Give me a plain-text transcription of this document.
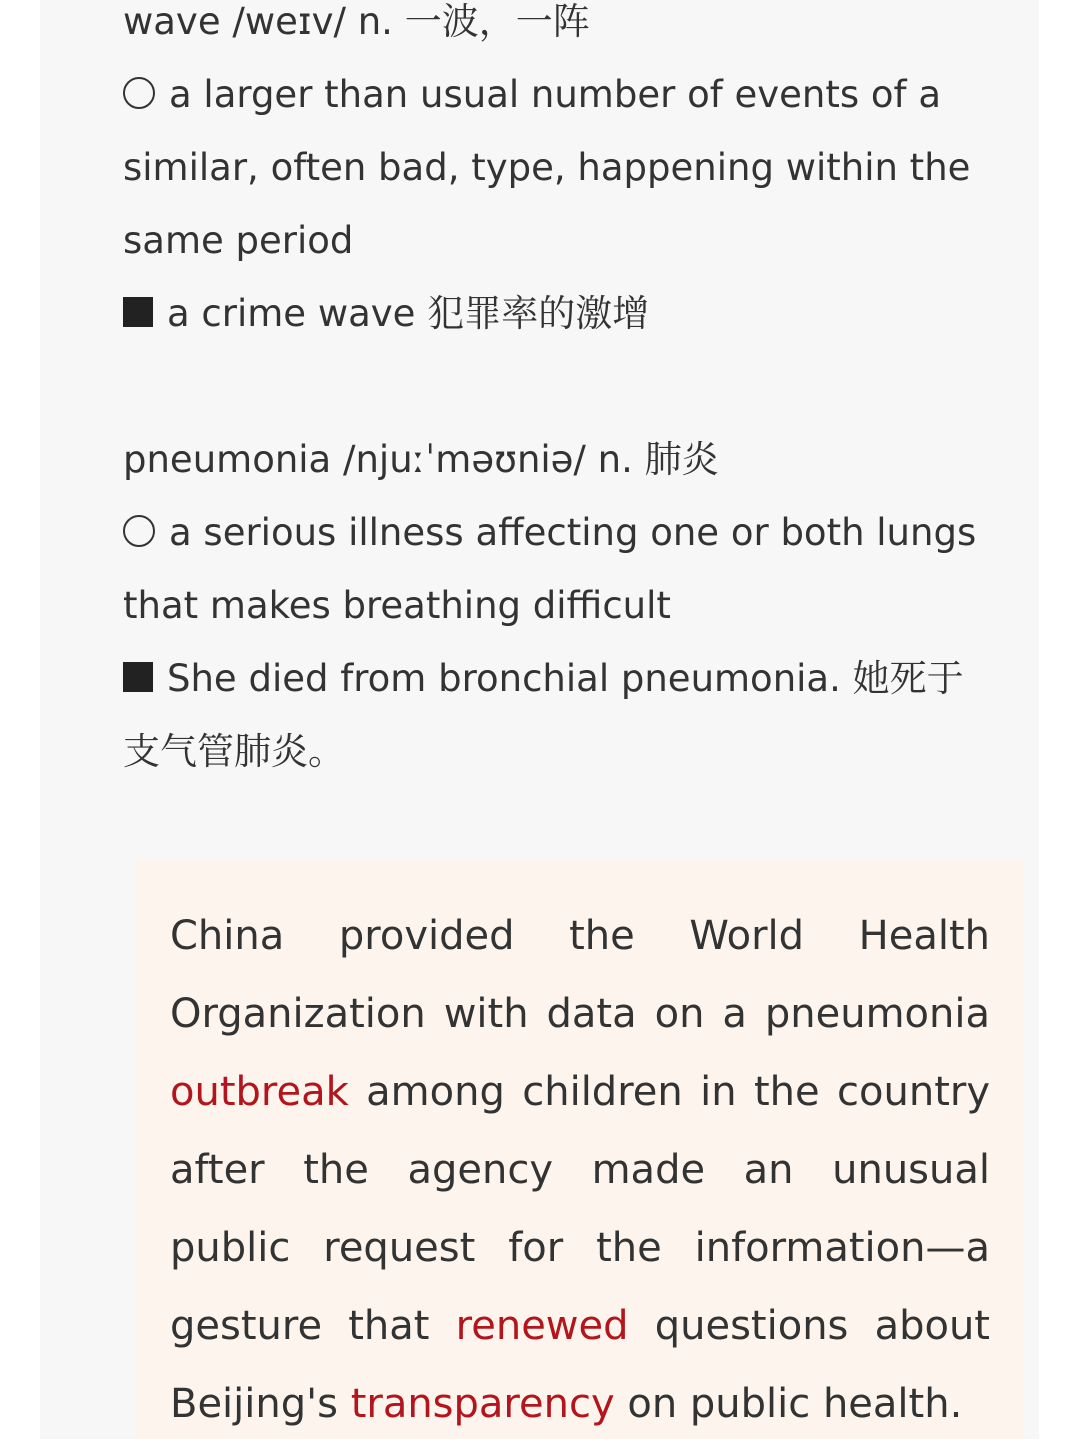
wave /weɪv/ n. 一波，一阵

a larger than usual number of events of a similar, often bad, type, happening within the same period

a crime wave 犯罪率的激增

pneumonia /njuːˈməʊniə/ n. 肺炎

a serious illness affecting one or both lungs that makes breathing difficult

She died from bronchial pneumonia. 她死于支气管肺炎。

China provided the World Health Organization with data on a pneumonia outbreak among children in the country after the agency made an unusual public request for the information—a gesture that renewed questions about Beijing's transparency on public health.
